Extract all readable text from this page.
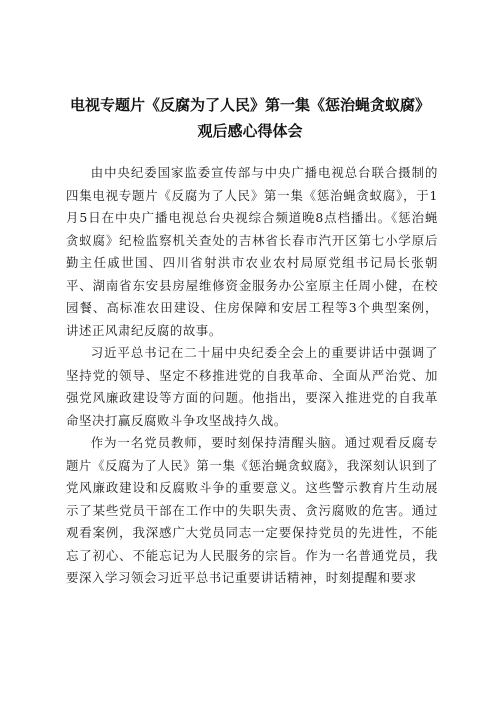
电视专题片《反腐为了人民》第一集《惩治蝇贪蚁腐》
观后感心得体会

由中央纪委国家监委宣传部与中央广播电视总台联合摄制的四集电视专题片《反腐为了人民》第一集《惩治蝇贪蚁腐》，于1月5日在中央广播电视总台央视综合频道晚8点档播出。《惩治蝇贪蚁腐》纪检监察机关查处的吉林省长春市汽开区第七小学原后勤主任戚世国、四川省射洪市农业农村局原党组书记局长张朝平、湖南省东安县房屋维修资金服务办公室原主任周小健，在校园餐、高标准农田建设、住房保障和安居工程等3个典型案例，讲述正风肃纪反腐的故事。

习近平总书记在二十届中央纪委全会上的重要讲话中强调了坚持党的领导、坚定不移推进党的自我革命、全面从严治党、加强党风廉政建设等方面的问题。他指出，要深入推进党的自我革命坚决打赢反腐败斗争攻坚战持久战。

作为一名党员教师，要时刻保持清醒头脑。通过观看反腐专题片《反腐为了人民》第一集《惩治蝇贪蚁腐》，我深刻认识到了党风廉政建设和反腐败斗争的重要意义。这些警示教育片生动展示了某些党员干部在工作中的失职失责、贪污腐败的危害。通过观看案例，我深感广大党员同志一定要保持党员的先进性，不能忘了初心、不能忘记为人民服务的宗旨。作为一名普通党员，我要深入学习领会习近平总书记重要讲话精神，时刻提醒和要求
